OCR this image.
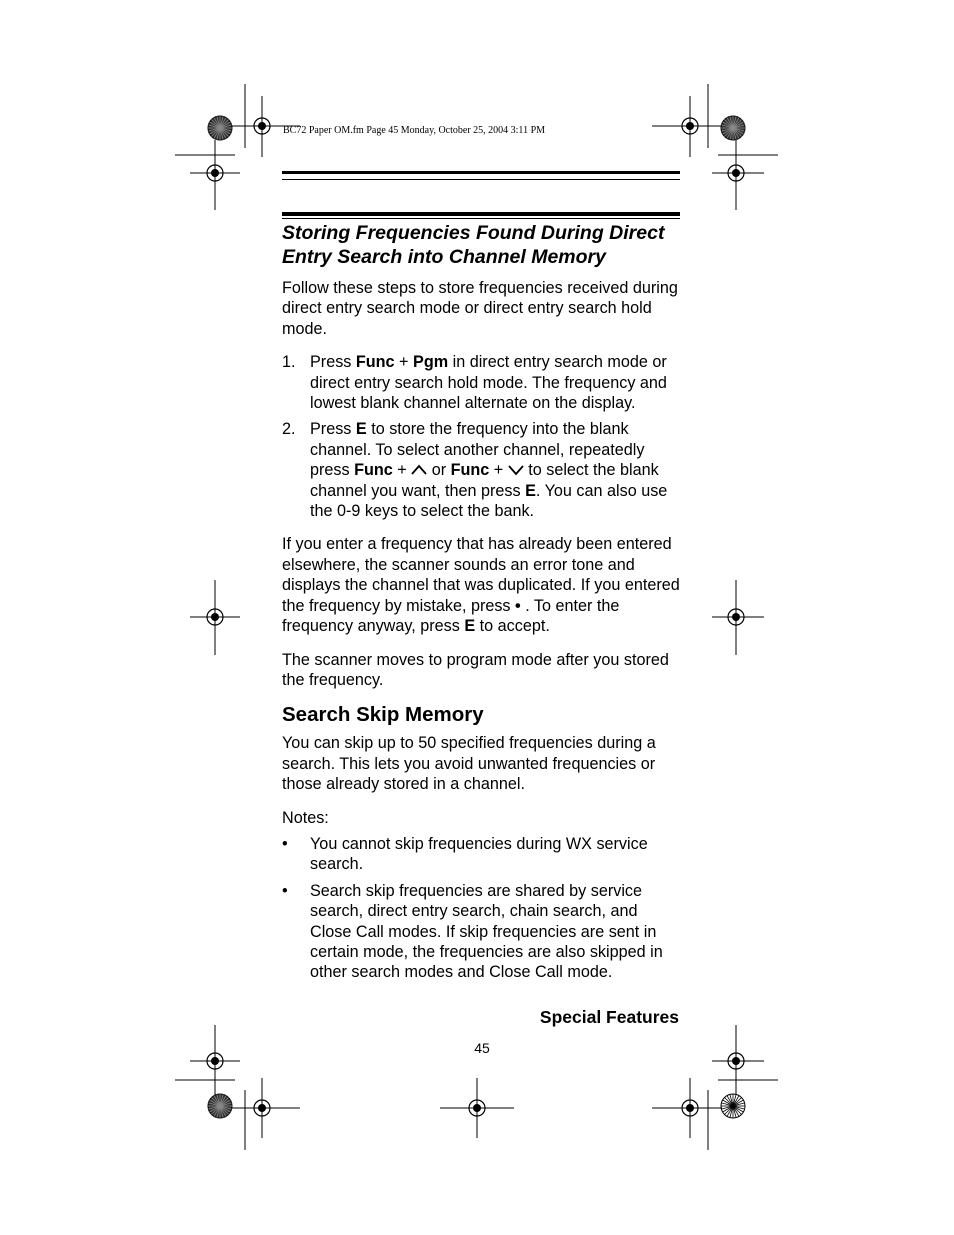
BC72 Paper OM.fm Page 45 Monday, October 25, 2004 3:11 PM
Storing Frequencies Found During Direct
Entry Search into Channel Memory

Follow these steps to store frequencies received during direct entry search mode or direct entry search hold mode.

1. Press Func + Pgm in direct entry search mode or direct entry search hold mode. The frequency and lowest blank channel alternate on the display.
2. Press E to store the frequency into the blank channel. To select another channel, repeatedly press Func +  or Func +  to select the blank channel you want, then press E. You can also use the 0-9 keys to select the bank.

If you enter a frequency that has already been entered elsewhere, the scanner sounds an error tone and displays the channel that was duplicated. If you entered the frequency by mistake, press • . To enter the frequency anyway, press E to accept.

The scanner moves to program mode after you stored the frequency.

Search Skip Memory

You can skip up to 50 specified frequencies during a search. This lets you avoid unwanted frequencies or those already stored in a channel.

Notes:

• You cannot skip frequencies during WX service search.
• Search skip frequencies are shared by service search, direct entry search, chain search, and Close Call modes. If skip frequencies are sent in certain mode, the frequencies are also skipped in other search modes and Close Call mode.
Special Features
45
